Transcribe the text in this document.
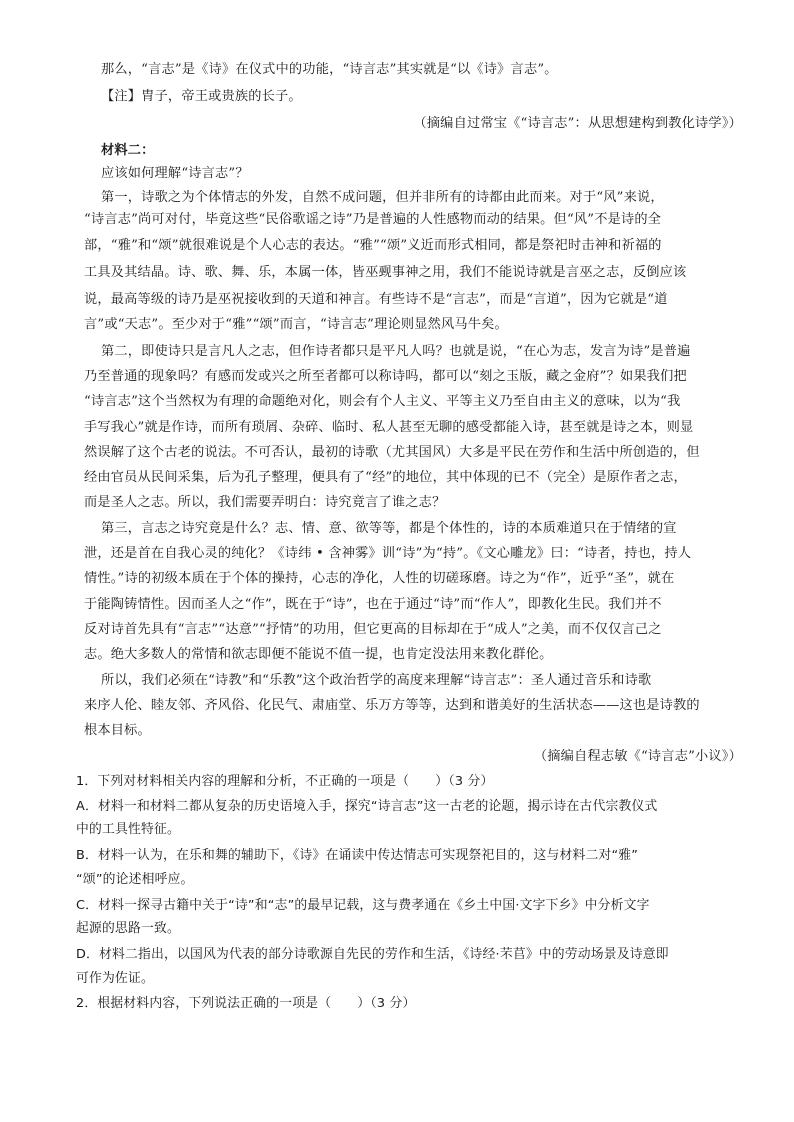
那么，“言志”是《诗》在仪式中的功能，“诗言志”其实就是“以《诗》言志”。
【注】胄子，帝王或贵族的长子。
（摘编自过常宝《“诗言志”：从思想建构到教化诗学》）
材料二：
应该如何理解“诗言志”？
第一，诗歌之为个体情志的外发，自然不成问题，但并非所有的诗都由此而来。对于“风”来说，
“诗言志”尚可对付，毕竟这些“民俗歌谣之诗”乃是普遍的人性感物而动的结果。但“风”不是诗的全
部，“雅”和“颂”就很难说是个人心志的表达。“雅”“颂”义近而形式相同，都是祭祀时击神和祈福的
工具及其结晶。诗、歌、舞、乐，本属一体，皆巫觋事神之用，我们不能说诗就是言巫之志，反倒应该
说，最高等级的诗乃是巫祝接收到的天道和神言。有些诗不是“言志”，而是“言道”，因为它就是“道
言”或“天志”。至少对于“雅”“颂”而言，“诗言志”理论则显然风马牛矣。
第二，即使诗只是言凡人之志，但作诗者都只是平凡人吗？也就是说，“在心为志，发言为诗”是普遍
乃至普通的现象吗？有感而发或兴之所至者都可以称诗吗，都可以“刻之玉版，藏之金府”？如果我们把
“诗言志”这个当然权为有理的命题绝对化，则会有个人主义、平等主义乃至自由主义的意味，以为“我
手写我心”就是作诗，而所有琐屑、杂碎、临时、私人甚至无聊的感受都能入诗，甚至就是诗之本，则显
然误解了这个古老的说法。不可否认，最初的诗歌（尤其国风）大多是平民在劳作和生活中所创造的，但
经由官员从民间采集，后为孔子整理，便具有了“经”的地位，其中体现的已不（完全）是原作者之志，
而是圣人之志。所以，我们需要弄明白：诗究竟言了谁之志？
第三，言志之诗究竟是什么？志、情、意、欲等等，都是个体性的，诗的本质难道只在于情绪的宣
泄，还是首在自我心灵的纯化？《诗纬 • 含神雾》训“诗”为“持”。《文心雕龙》曰：“诗者，持也，持人
情性。”诗的初级本质在于个体的操持，心志的净化，人性的切磋琢磨。诗之为“作”，近乎“圣”，就在
于能陶铸情性。因而圣人之“作”，既在于“诗”，也在于通过“诗”而“作人”，即教化生民。我们并不
反对诗首先具有“言志”“达意”“抒情”的功用，但它更高的目标却在于“成人”之美，而不仅仅言己之
志。绝大多数人的常情和欲志即便不能说不值一提，也肯定没法用来教化群伦。
所以，我们必须在“诗教”和“乐教”这个政治哲学的高度来理解“诗言志”：圣人通过音乐和诗歌
来序人伦、睦友邻、齐风俗、化民气、肃庙堂、乐万方等等，达到和谐美好的生活状态——这也是诗教的
根本目标。
（摘编自程志敏《“诗言志”小议》）
1．下列对材料相关内容的理解和分析，不正确的一项是（　　）（3 分）
A．材料一和材料二都从复杂的历史语境入手，探究“诗言志”这一古老的论题，揭示诗在古代宗教仪式
中的工具性特征。
B．材料一认为，在乐和舞的辅助下，《诗》在诵读中传达情志可实现祭祀目的，这与材料二对“雅”
“颂”的论述相呼应。
C．材料一探寻古籍中关于“诗”和“志”的最早记载，这与费孝通在《乡土中国·文字下乡》中分析文字
起源的思路一致。
D．材料二指出，以国风为代表的部分诗歌源自先民的劳作和生活，《诗经·芣苢》中的劳动场景及诗意即
可作为佐证。
2．根据材料内容，下列说法正确的一项是（　　）（3 分）
